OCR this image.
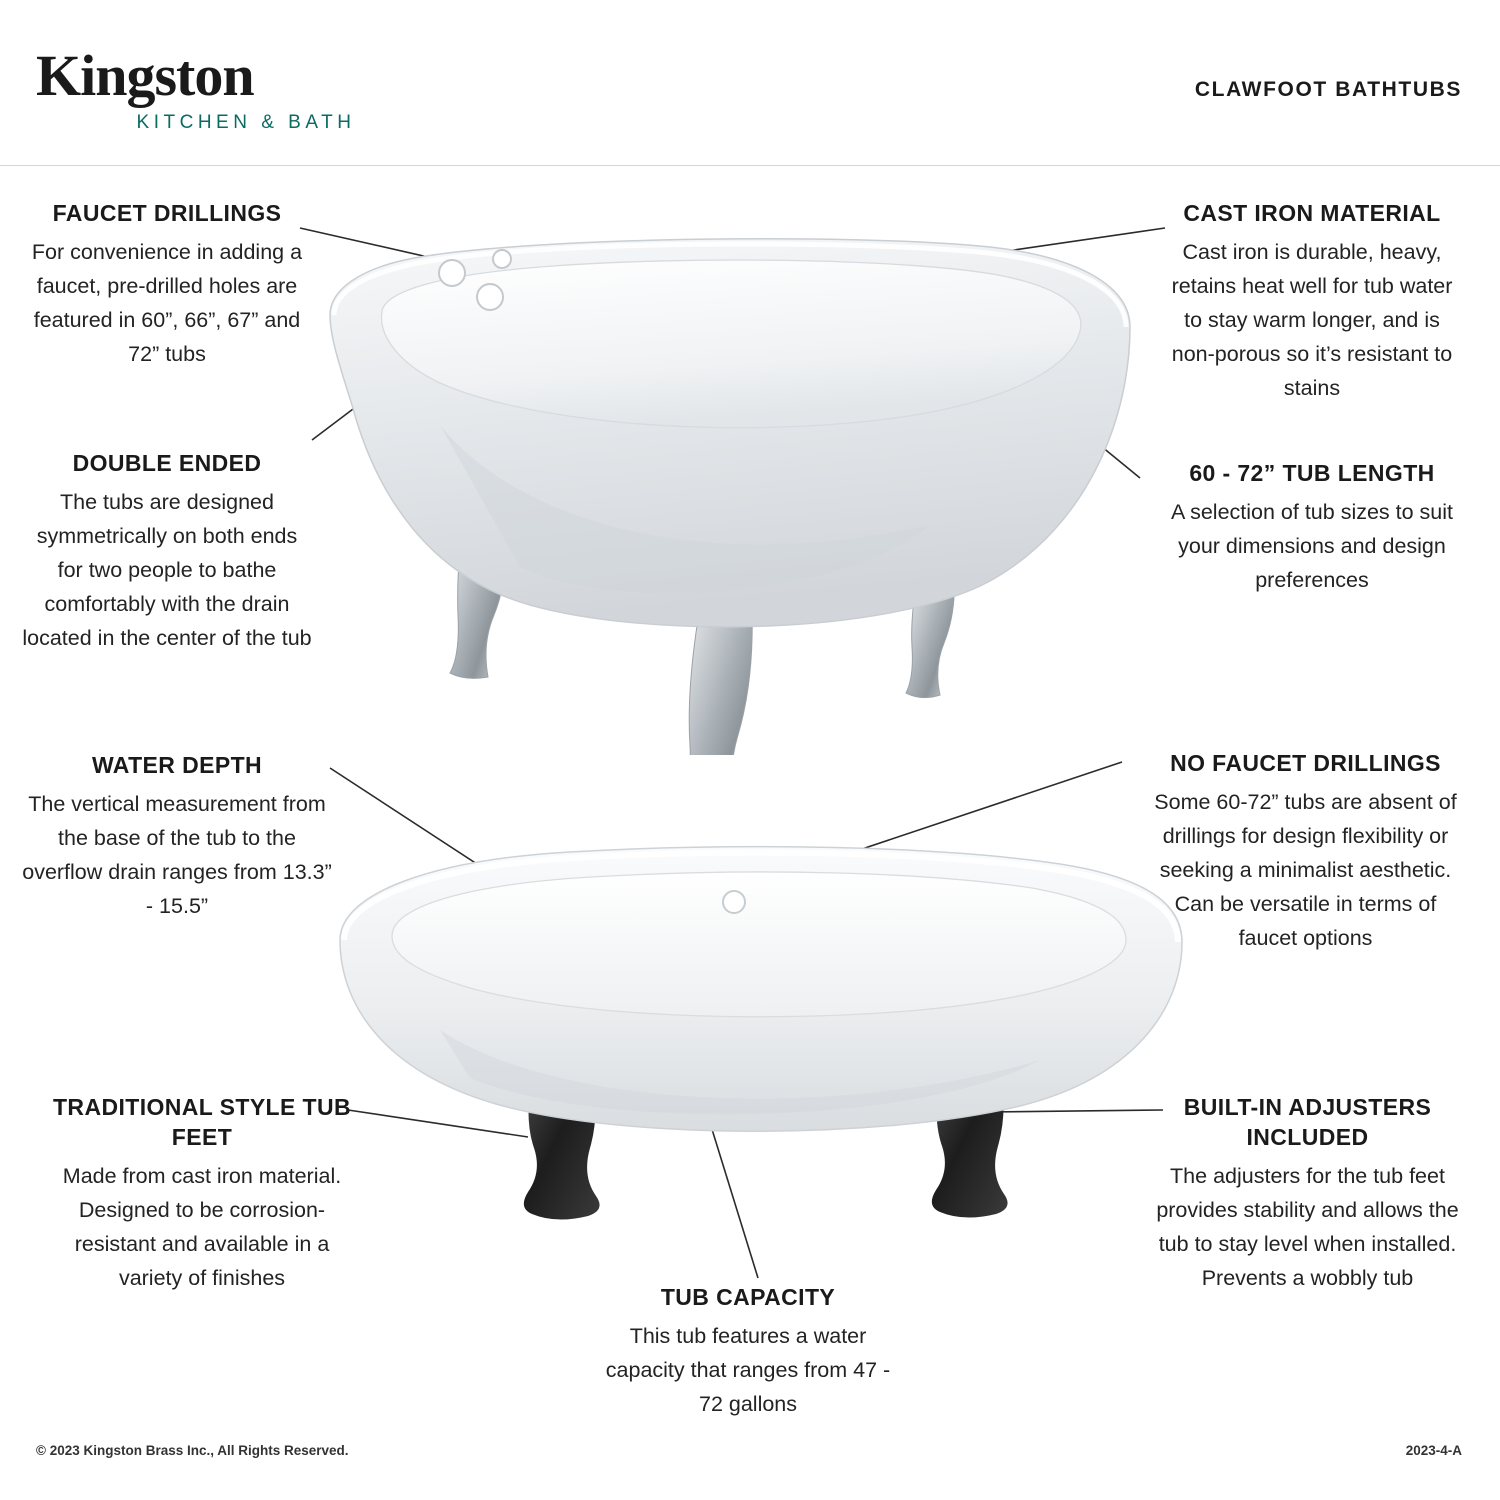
Kingston
KITCHEN & BATH
CLAWFOOT BATHTUBS
FAUCET DRILLINGS
For convenience in adding a faucet, pre-drilled holes are featured in 60”, 66”, 67” and 72” tubs
DOUBLE ENDED
The tubs are designed symmetrically on both ends for two people to bathe comfortably with the drain located in the center of the tub
CAST IRON MATERIAL
Cast iron is durable, heavy, retains heat well for tub water to stay warm longer, and is non-porous so it’s resistant to stains
60 - 72” TUB LENGTH
A selection of tub sizes to suit your dimensions and design preferences
WATER DEPTH
The vertical measurement from the base of the tub to the overflow drain ranges from 13.3” - 15.5”
NO FAUCET DRILLINGS
Some 60-72” tubs are absent of drillings for design flexibility or seeking a minimalist aesthetic. Can be versatile in terms of faucet options
TRADITIONAL STYLE TUB FEET
Made from cast iron material. Designed to be corrosion-resistant and available in a variety of finishes
TUB CAPACITY
This tub features a water capacity that ranges from 47 - 72 gallons
BUILT-IN ADJUSTERS INCLUDED
The adjusters for the tub feet provides stability and allows the tub to stay level when installed. Prevents a wobbly tub
© 2023 Kingston Brass Inc., All Rights Reserved.	2023-4-A
